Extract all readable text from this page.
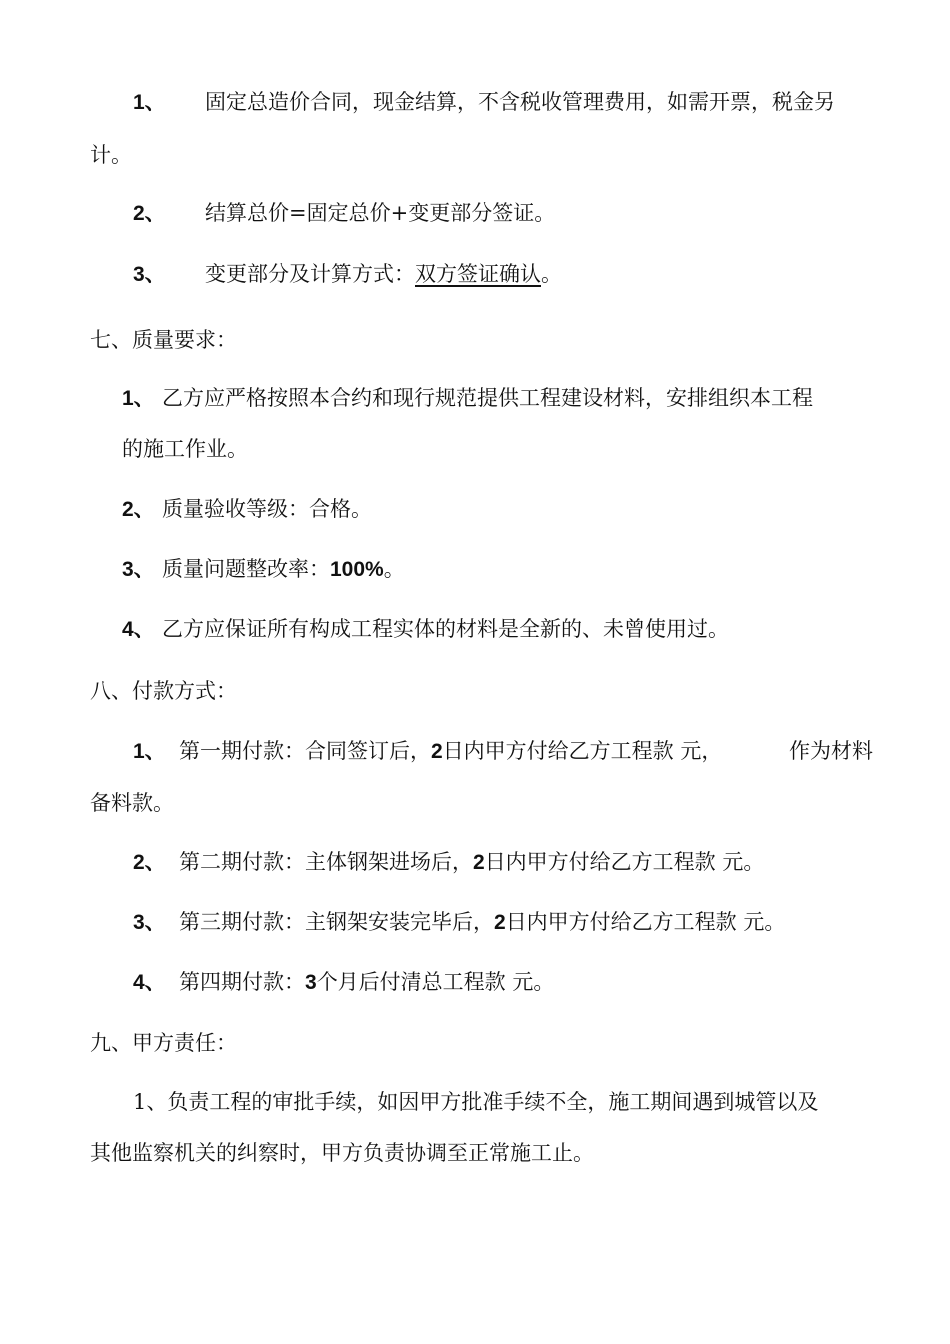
1、 固定总造价合同，现金结算，不含税收管理费用，如需开票，税金另
计。
2、 结算总价=固定总价+变更部分签证。
3、 变更部分及计算方式：双方签证确认。
七、质量要求：
1、 乙方应严格按照本合约和现行规范提供工程建设材料，安排组织本工程
的施工作业。
2、 质量验收等级：合格。
3、 质量问题整改率：100%。
4、 乙方应保证所有构成工程实体的材料是全新的、未曾使用过。
八、付款方式：
1、 第一期付款：合同签订后，2日内甲方付给乙方工程款 元，	作为材料
备料款。
2、 第二期付款：主体钢架进场后，2日内甲方付给乙方工程款 元。
3、 第三期付款：主钢架安装完毕后，2日内甲方付给乙方工程款 元。
4、 第四期付款：3个月后付清总工程款 元。
九、甲方责任：
1、负责工程的审批手续，如因甲方批准手续不全，施工期间遇到城管以及
其他监察机关的纠察时，甲方负责协调至正常施工止。
